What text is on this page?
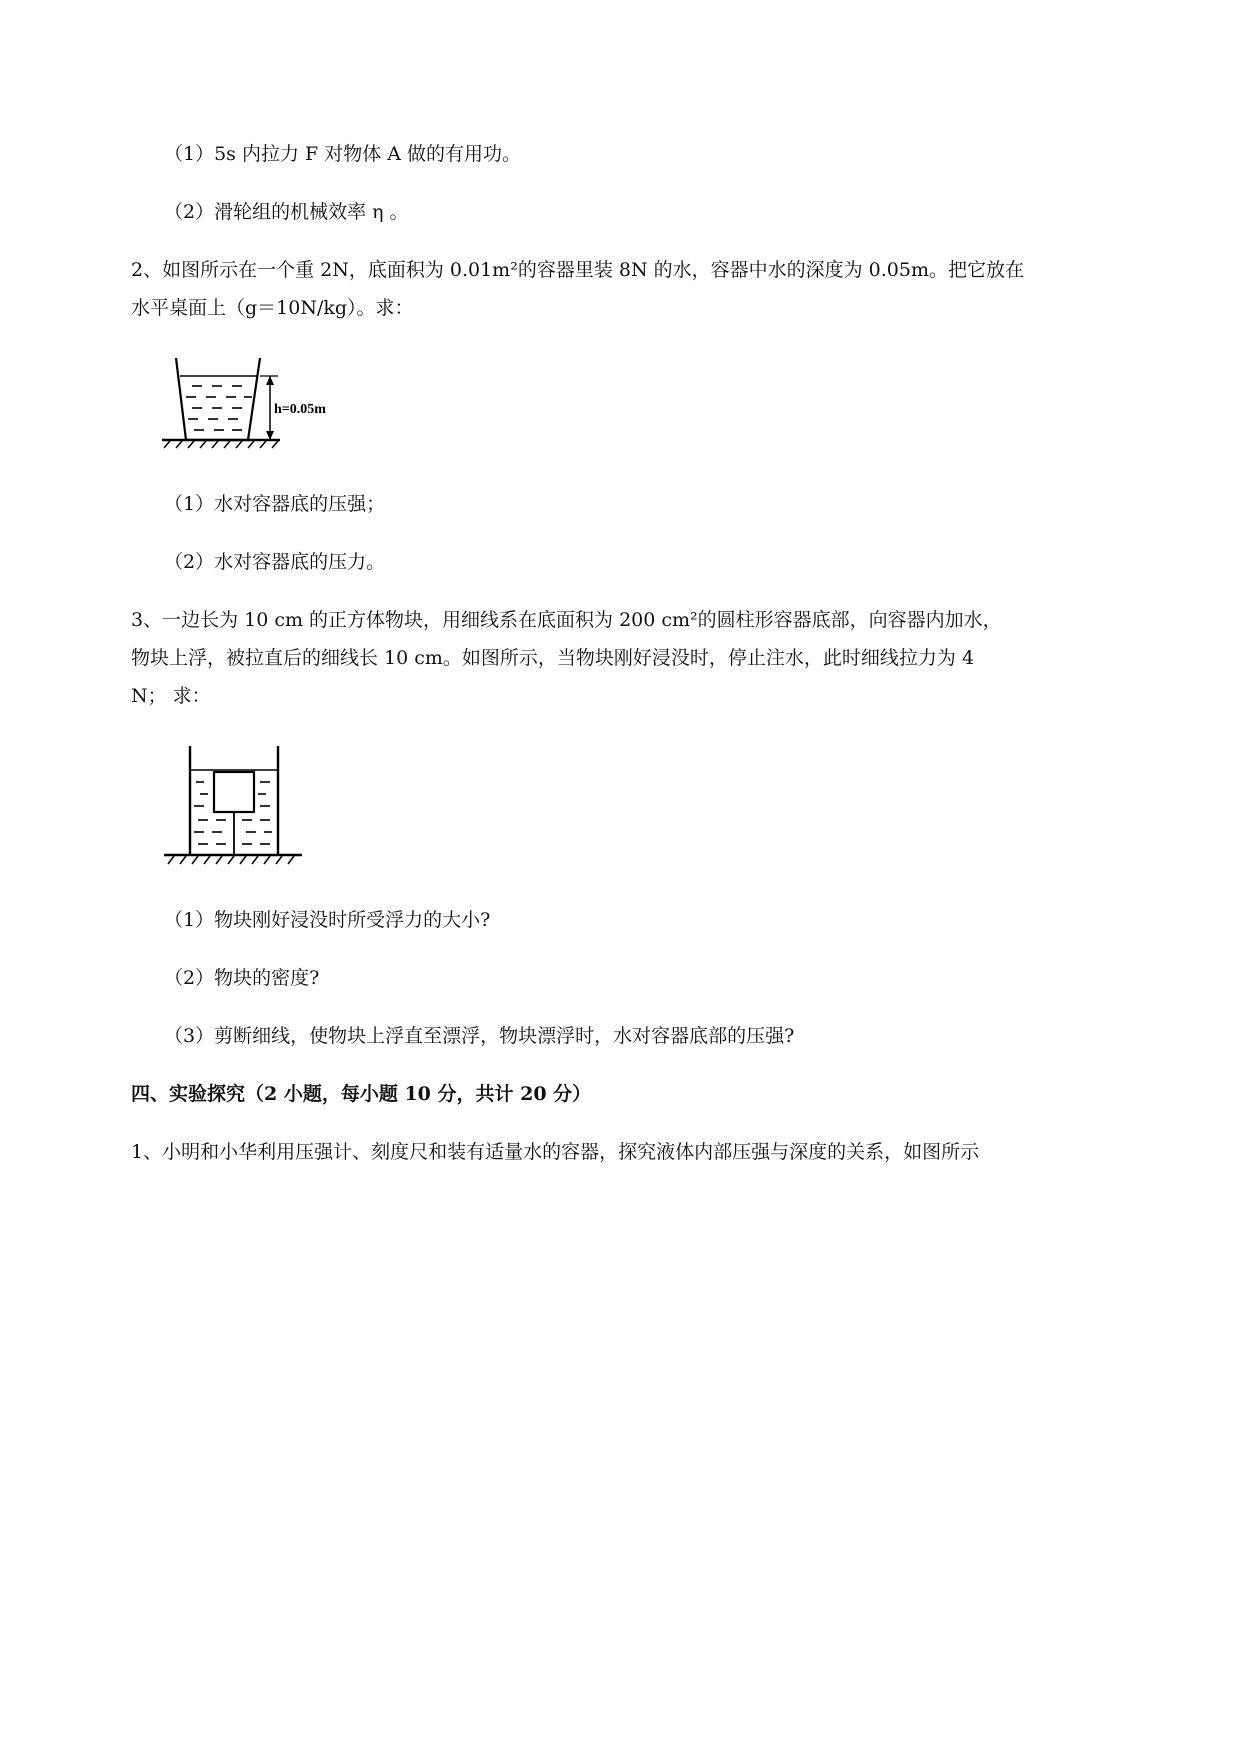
（1）5s 内拉力 F 对物体 A 做的有用功。
（2）滑轮组的机械效率 η 。
2、如图所示在一个重 2N，底面积为 0.01m²的容器里装 8N 的水，容器中水的深度为 0.05m。把它放在
水平桌面上（g＝10N/kg）。求：
h=0.05m
（1）水对容器底的压强；
（2）水对容器底的压力。
3、一边长为 10 cm 的正方体物块，用细线系在底面积为 200 cm²的圆柱形容器底部，向容器内加水，
物块上浮，被拉直后的细线长 10 cm。如图所示，当物块刚好浸没时，停止注水，此时细线拉力为 4
N； 求：
（1）物块刚好浸没时所受浮力的大小?
（2）物块的密度?
（3）剪断细线，使物块上浮直至漂浮，物块漂浮时，水对容器底部的压强?
四、实验探究（2 小题，每小题 10 分，共计 20 分）
1、小明和小华利用压强计、刻度尺和装有适量水的容器，探究液体内部压强与深度的关系，如图所示
